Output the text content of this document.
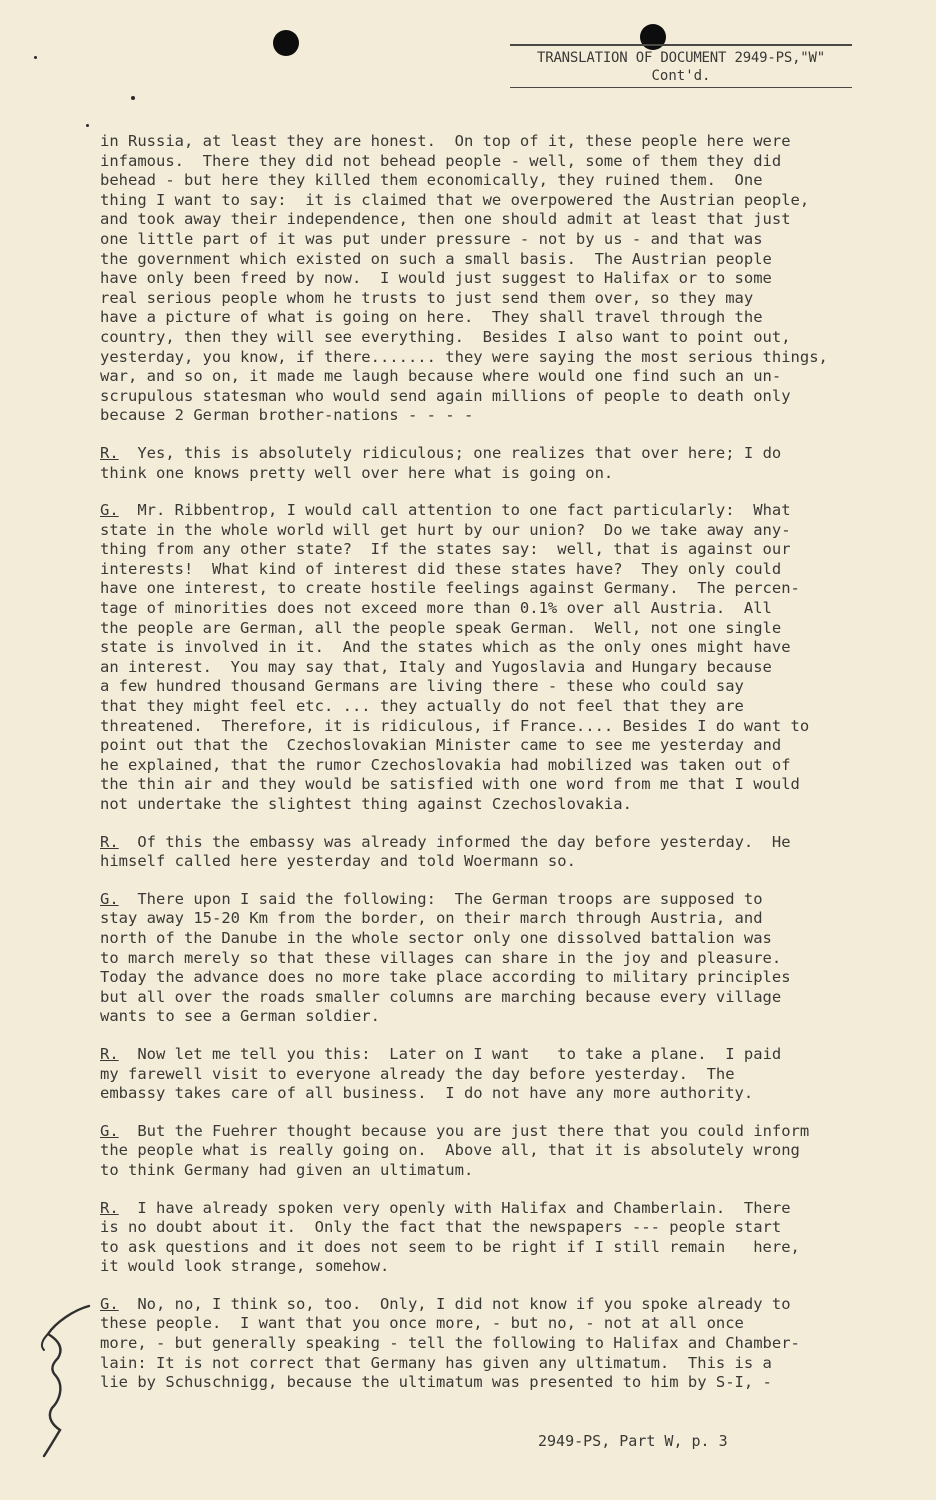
TRANSLATION OF DOCUMENT 2949-PS,"W"
Cont'd.
in Russia, at least they are honest.  On top of it, these people here were
infamous.  There they did not behead people - well, some of them they did
behead - but here they killed them economically, they ruined them.  One
thing I want to say:  it is claimed that we overpowered the Austrian people,
and took away their independence, then one should admit at least that just
one little part of it was put under pressure - not by us - and that was
the government which existed on such a small basis.  The Austrian people
have only been freed by now.  I would just suggest to Halifax or to some
real serious people whom he trusts to just send them over, so they may
have a picture of what is going on here.  They shall travel through the
country, then they will see everything.  Besides I also want to point out,
yesterday, you know, if there....... they were saying the most serious things,
war, and so on, it made me laugh because where would one find such an un-
scrupulous statesman who would send again millions of people to death only
because 2 German brother-nations - - - -
R.  Yes, this is absolutely ridiculous; one realizes that over here; I do
think one knows pretty well over here what is going on.
G.  Mr. Ribbentrop, I would call attention to one fact particularly:  What
state in the whole world will get hurt by our union?  Do we take away any-
thing from any other state?  If the states say:  well, that is against our
interests!  What kind of interest did these states have?  They only could
have one interest, to create hostile feelings against Germany.  The percen-
tage of minorities does not exceed more than 0.1% over all Austria.  All
the people are German, all the people speak German.  Well, not one single
state is involved in it.  And the states which as the only ones might have
an interest.  You may say that, Italy and Yugoslavia and Hungary because
a few hundred thousand Germans are living there - these who could say
that they might feel etc. ... they actually do not feel that they are
threatened.  Therefore, it is ridiculous, if France.... Besides I do want to
point out that the  Czechoslovakian Minister came to see me yesterday and
he explained, that the rumor Czechoslovakia had mobilized was taken out of
the thin air and they would be satisfied with one word from me that I would
not undertake the slightest thing against Czechoslovakia.
R.  Of this the embassy was already informed the day before yesterday.  He
himself called here yesterday and told Woermann so.
G.  There upon I said the following:  The German troops are supposed to
stay away 15-20 Km from the border, on their march through Austria, and
north of the Danube in the whole sector only one dissolved battalion was
to march merely so that these villages can share in the joy and pleasure.
Today the advance does no more take place according to military principles
but all over the roads smaller columns are marching because every village
wants to see a German soldier.
R.  Now let me tell you this:  Later on I want   to take a plane.  I paid
my farewell visit to everyone already the day before yesterday.  The
embassy takes care of all business.  I do not have any more authority.
G.  But the Fuehrer thought because you are just there that you could inform
the people what is really going on.  Above all, that it is absolutely wrong
to think Germany had given an ultimatum.
R.  I have already spoken very openly with Halifax and Chamberlain.  There
is no doubt about it.  Only the fact that the newspapers --- people start
to ask questions and it does not seem to be right if I still remain   here,
it would look strange, somehow.
G.  No, no, I think so, too.  Only, I did not know if you spoke already to
these people.  I want that you once more, - but no, - not at all once
more, - but generally speaking - tell the following to Halifax and Chamber-
lain: It is not correct that Germany has given any ultimatum.  This is a
lie by Schuschnigg, because the ultimatum was presented to him by S-I, -
2949-PS, Part W, p. 3
